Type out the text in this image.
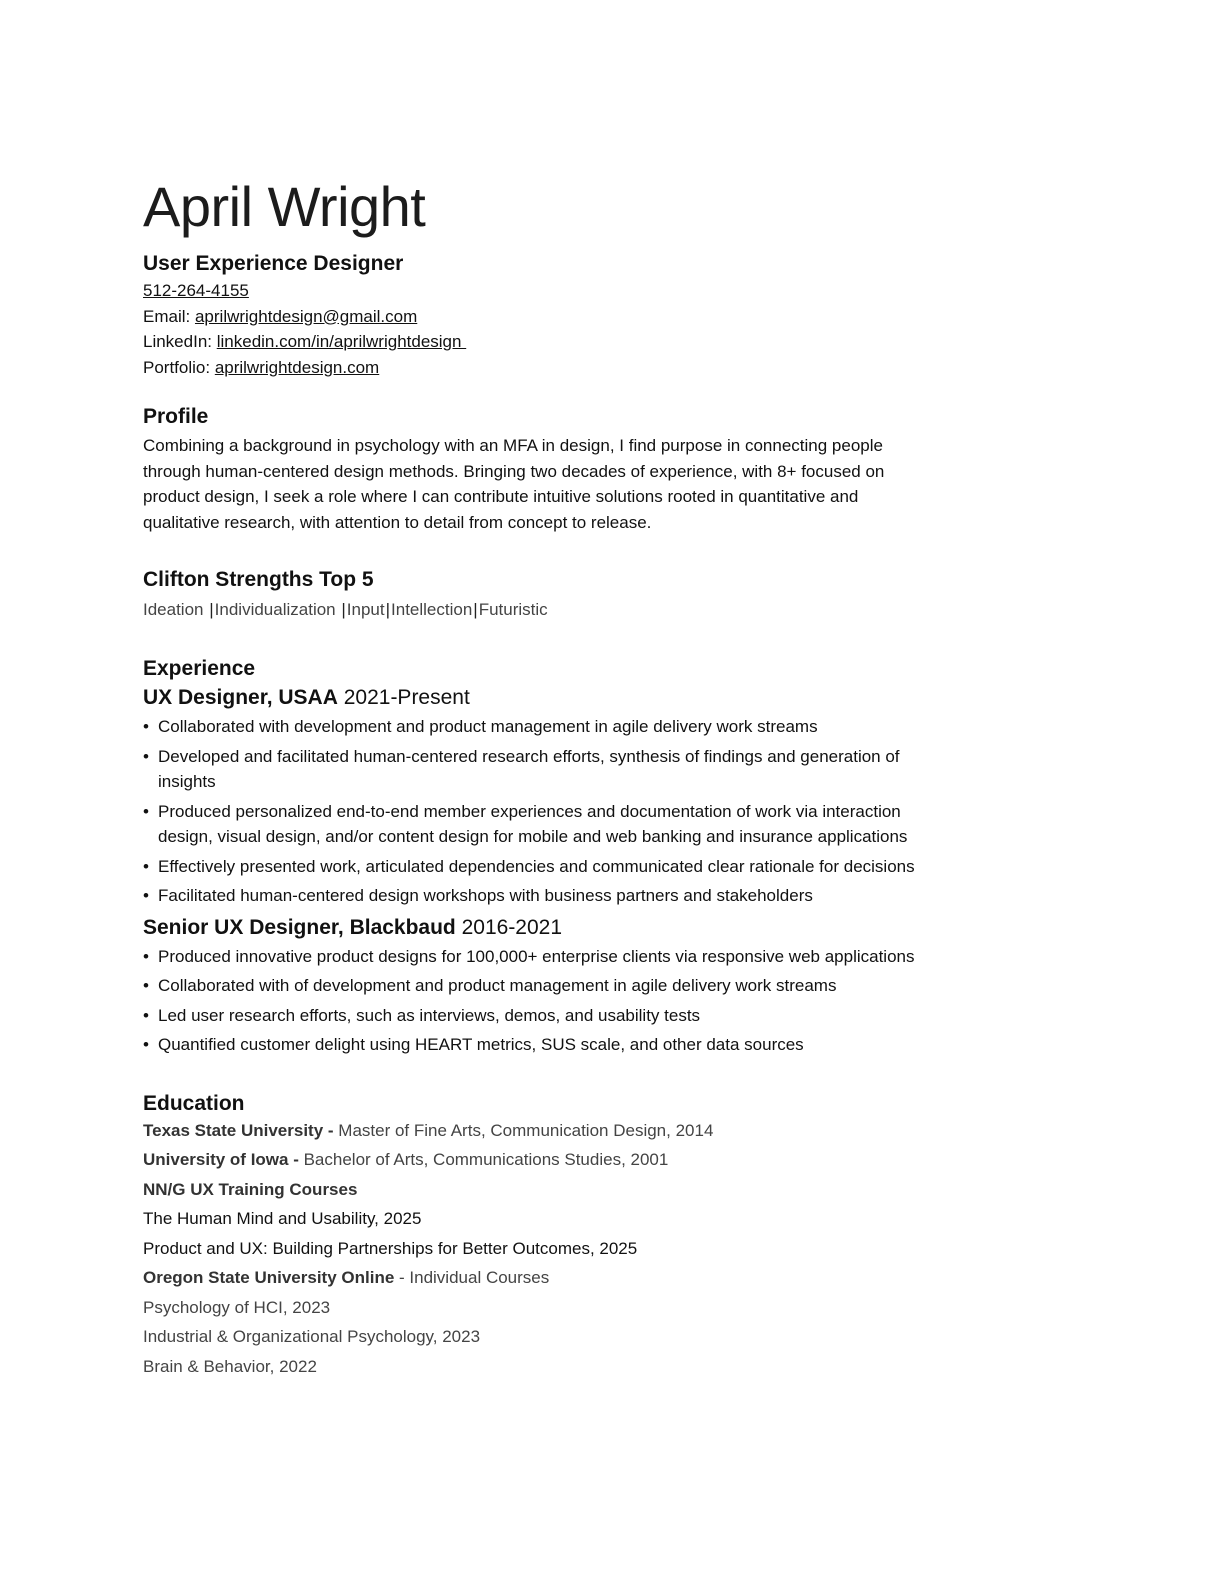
April Wright
User Experience Designer
512-264-4155
Email: aprilwrightdesign@gmail.com
LinkedIn: linkedin.com/in/aprilwrightdesign
Portfolio: aprilwrightdesign.com
Profile
Combining a background in psychology with an MFA in design, I find purpose in connecting people
through human-centered design methods. Bringing two decades of experience, with 8+ focused on
product design, I seek a role where I can contribute intuitive solutions rooted in quantitative and
qualitative research, with attention to detail from concept to release.
Clifton Strengths Top 5
Ideation |Individualization |Input|Intellection|Futuristic
Experience
UX Designer, USAA 2021-Present
• Collaborated with development and product management in agile delivery work streams
• Developed and facilitated human-centered research efforts, synthesis of findings and generation of
insights
• Produced personalized end-to-end member experiences and documentation of work via interaction
design, visual design, and/or content design for mobile and web banking and insurance applications
• Effectively presented work, articulated dependencies and communicated clear rationale for decisions
• Facilitated human-centered design workshops with business partners and stakeholders
Senior UX Designer, Blackbaud 2016-2021
• Produced innovative product designs for 100,000+ enterprise clients via responsive web applications
• Collaborated with of development and product management in agile delivery work streams
• Led user research efforts, such as interviews, demos, and usability tests
• Quantified customer delight using HEART metrics, SUS scale, and other data sources
Education
Texas State University - Master of Fine Arts, Communication Design, 2014
University of Iowa - Bachelor of Arts, Communications Studies, 2001
NN/G UX Training Courses
The Human Mind and Usability, 2025
Product and UX: Building Partnerships for Better Outcomes, 2025
Oregon State University Online - Individual Courses
Psychology of HCI, 2023
Industrial & Organizational Psychology, 2023
Brain & Behavior, 2022
